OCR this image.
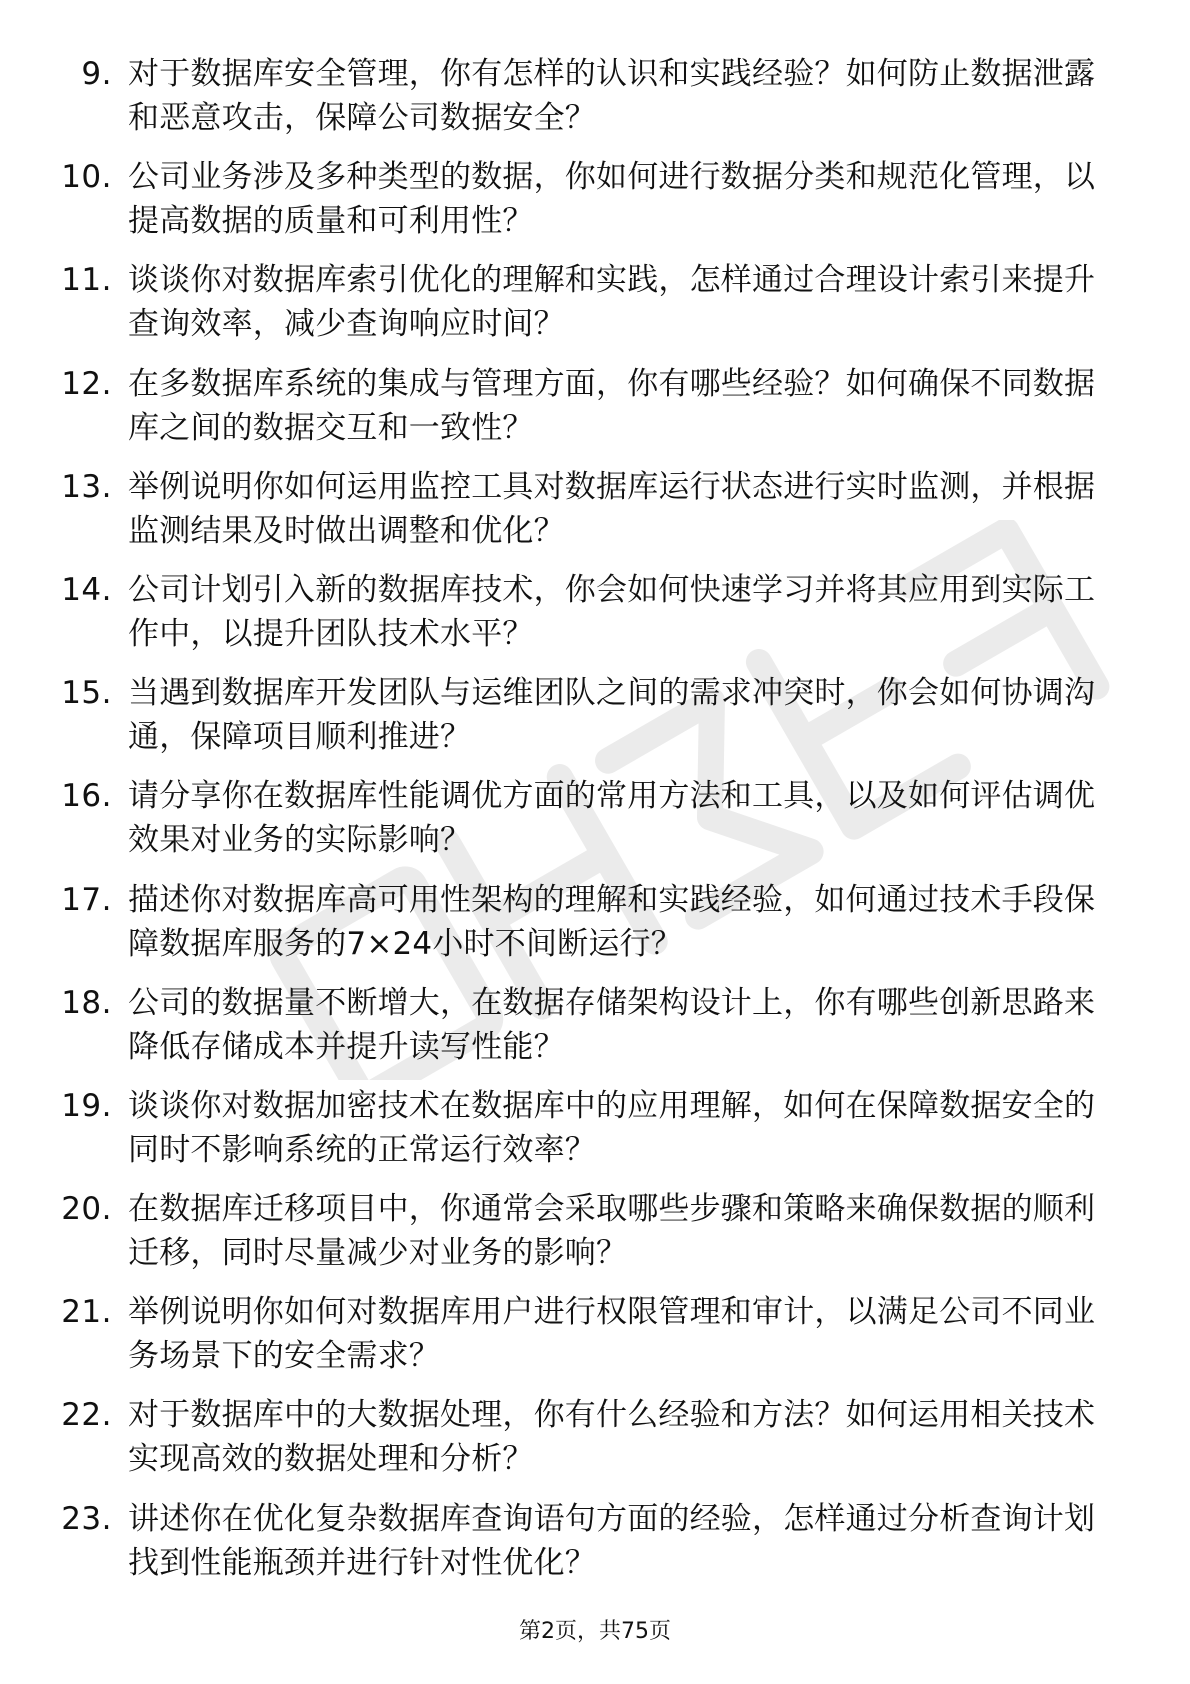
9. 对于数据库安全管理，你有怎样的认识和实践经验？如何防止数据泄露和恶意攻击，保障公司数据安全？
10. 公司业务涉及多种类型的数据，你如何进行数据分类和规范化管理，以提高数据的质量和可利用性？
11. 谈谈你对数据库索引优化的理解和实践，怎样通过合理设计索引来提升查询效率，减少查询响应时间？
12. 在多数据库系统的集成与管理方面，你有哪些经验？如何确保不同数据库之间的数据交互和一致性？
13. 举例说明你如何运用监控工具对数据库运行状态进行实时监测，并根据监测结果及时做出调整和优化？
14. 公司计划引入新的数据库技术，你会如何快速学习并将其应用到实际工作中，以提升团队技术水平？
15. 当遇到数据库开发团队与运维团队之间的需求冲突时，你会如何协调沟通，保障项目顺利推进？
16. 请分享你在数据库性能调优方面的常用方法和工具，以及如何评估调优效果对业务的实际影响？
17. 描述你对数据库高可用性架构的理解和实践经验，如何通过技术手段保障数据库服务的7×24小时不间断运行？
18. 公司的数据量不断增大，在数据存储架构设计上，你有哪些创新思路来降低存储成本并提升读写性能？
19. 谈谈你对数据加密技术在数据库中的应用理解，如何在保障数据安全的同时不影响系统的正常运行效率？
20. 在数据库迁移项目中，你通常会采取哪些步骤和策略来确保数据的顺利迁移，同时尽量减少对业务的影响？
21. 举例说明你如何对数据库用户进行权限管理和审计，以满足公司不同业务场景下的安全需求？
22. 对于数据库中的大数据处理，你有什么经验和方法？如何运用相关技术实现高效的数据处理和分析？
23. 讲述你在优化复杂数据库查询语句方面的经验，怎样通过分析查询计划找到性能瓶颈并进行针对性优化？
第2页，共75页
